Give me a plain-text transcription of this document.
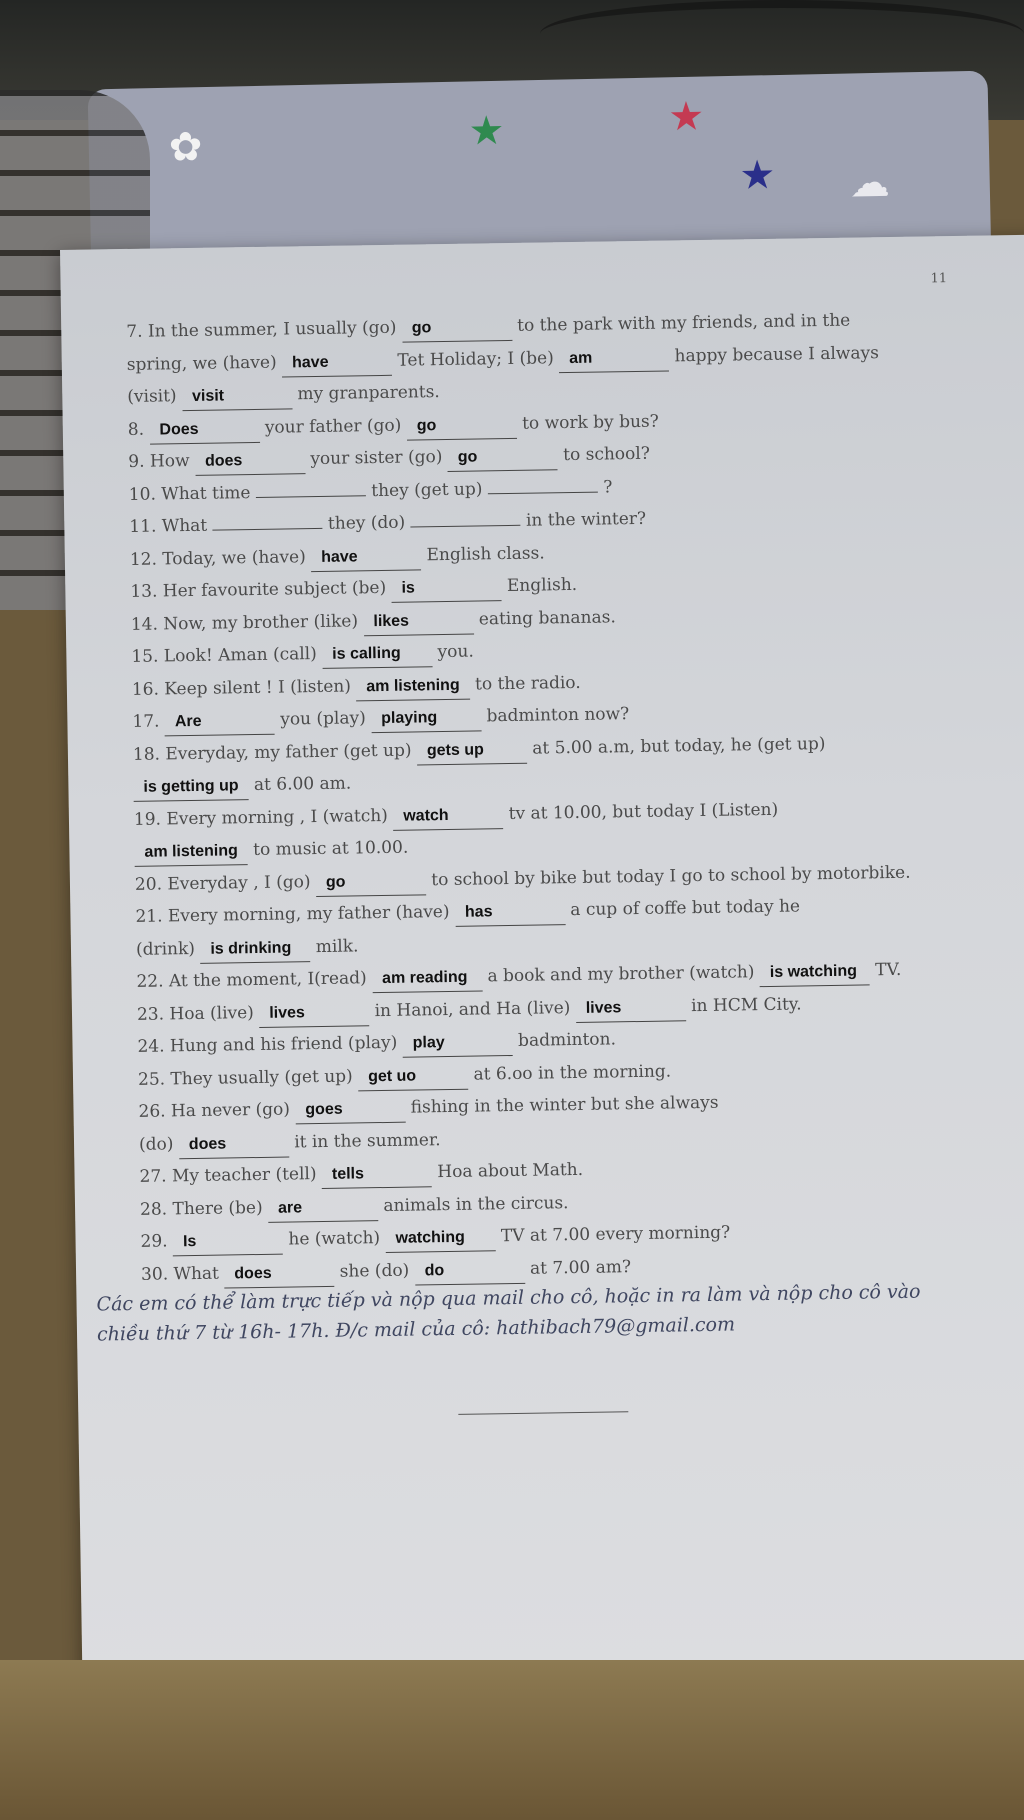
✿	★	★
★ ☁
11
7. In the summer, I usually (go) go	to the park with my friends, and in the
spring, we (have) have	Tet Holiday; I (be) am	happy because I always
(visit) visit	my granparents.
8. Does	your father (go) go	to work by bus?
9. How does	your sister (go) go	to school?
10. What time	they (get up)	?
11. What	they (do)	in the winter?
12. Today, we (have) have	English class.
13. Her favourite subject (be) is	English.
14. Now, my brother (like) likes	eating bananas.
15. Look! Aman (call) is calling you.
16. Keep silent ! I (listen) am listening to the radio.
17. Are	you (play) playing	badminton now?
18. Everyday, my father (get up) gets up	at 5.00 a.m, but today, he (get up)
is getting up at 6.00 am.
19. Every morning , I (watch) watch	tv at 10.00, but today I (Listen)
am listening to music at 10.00.
20. Everyday , I (go) go	to school by bike but today I go to school by motorbike.
21. Every morning, my father (have) has	a cup of coffe but today he
(drink) is drinking milk.
22. At the moment, I(read) am reading a book and my brother (watch) is watching TV.
23. Hoa (live) lives	in Hanoi, and Ha (live) lives	in HCM City.
24. Hung and his friend (play) play	badminton.
25. They usually (get up) get uo	at 6.oo in the morning.
26. Ha never (go) goes	fishing in the winter but she always
(do) does	it in the summer.
27. My teacher (tell) tells	Hoa about Math.
28. There (be) are	animals in the circus.
29. Is	he (watch) watching TV at 7.00 every morning?
30. What does	she (do) do	at 7.00 am?
Các em có thể làm trực tiếp và nộp qua mail cho cô, hoặc in ra làm và nộp cho cô vào
chiều thứ 7 từ 16h- 17h. Đ/c mail của cô: hathibach79@gmail.com
